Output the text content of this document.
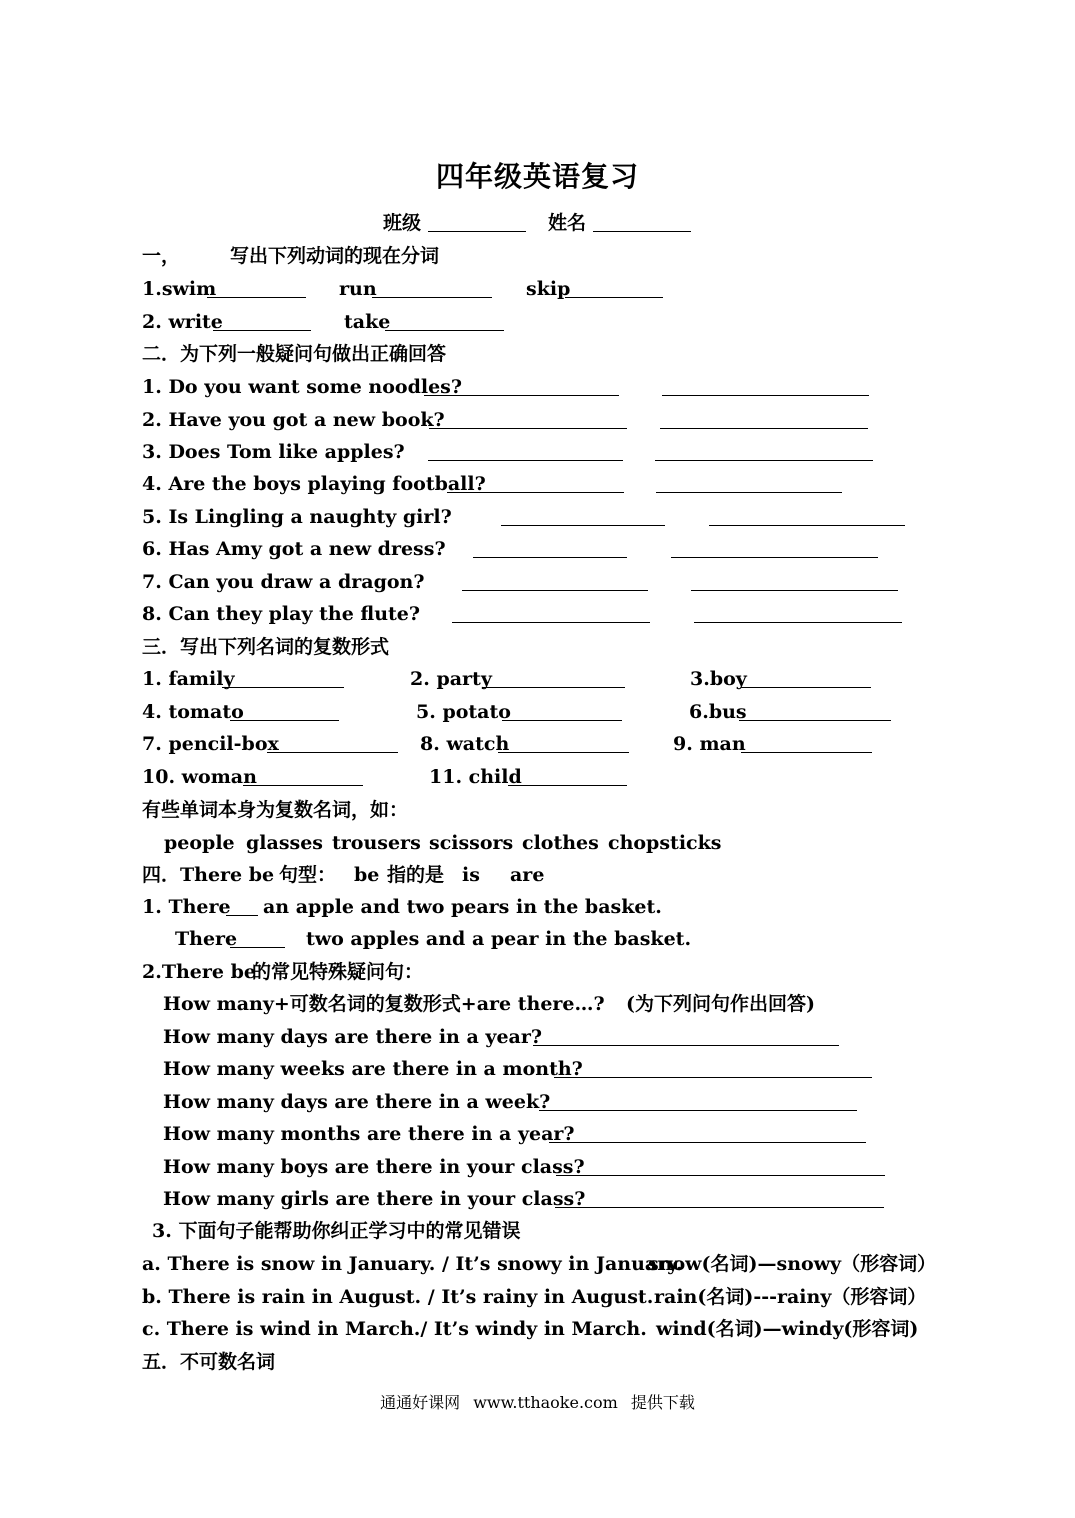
四年级英语复习
班级	姓名
一，	写出下列动词的现在分词
1.swim	run	skip
2. write	take
二．为下列一般疑问句做出正确回答
1. Do you want some noodles?
2. Have you got a new book?
3. Does Tom like apples?
4. Are the boys playing football?
5. Is Lingling a naughty girl?
6. Has Amy got a new dress?
7. Can you draw a dragon?
8. Can they play the flute?
三．写出下列名词的复数形式
1. family	2. party	3.boy
4. tomato	5. potato	6.bus
7. pencil-box	8. watch	9. man
10. woman	11. child
有些单词本身为复数名词，如：
people glasses trousers scissors clothes chopsticks
四．There be 句型： be 指的是 is are
1. There an apple and two pears in the basket.
There	two apples and a pear in the basket.
2.There be
的常见特殊疑问句：
How many+可数名词的复数形式+are there…? (为下列问句作出回答)
How many days are there in a year?
How many weeks are there in a month?
How many days are there in a week?
How many months are there in a year?
How many boys are there in your class?
How many girls are there in your class?
3. 下面句子能帮助你纠正学习中的常见错误
a. There is snow in January. / It’s snowy in January.
snow(名词)—snowy（形容词）
b. There is rain in August. / It’s rainy in August. rain(名词)---rainy（形容词）
c. There is wind in March./ It’s windy in March. wind(名词)—windy(形容词)
五．不可数名词
通通好课网 www.tthaoke.com 提供下载
